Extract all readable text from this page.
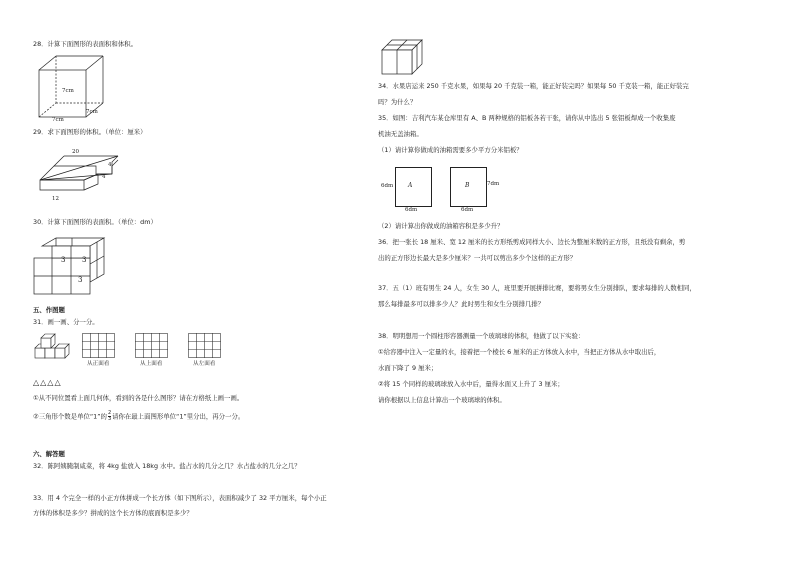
28．计算下面图形的表面积和体积。
7cm
7cm
7cm
29．求下面图形的体积。（单位：厘米）
20
4
4
12
30．计算下面图形的表面积。（单位：dm）
3 3
3
五、作图题
31．画一画、分一分。
从正面看	从上面看	从左面看
△△△△
①从不同位置看上面几何体，看到的各是什么图形？请在方格纸上画一画。
②三角形个数是单位“1”的 $\frac{2}{3}$ 请你在最上面图形单位“1”里分出，再分一分。
六、解答题
32．陈阿姨腌制咸菜，将 4kg 盐放入 18kg 水中。盐占水的几分之几？水占盐水的几分之几？
33．用 4 个完全一样的小正方体拼成一个长方体（如下图所示），表面积减少了 32 平方厘米，每个小正
方体的体积是多少？拼成的这个长方体的底面积是多少？
34．水果店运来 250 千克水果，如果每 20 千克装一箱，能正好装完吗？如果每 50 千克装一箱，能正好装完
吗？为什么？
35．如图：吉利汽车某仓库里有 A、B 两种规格的铝板各若干张，请你从中选出 5 张铝板焊成一个收集废
机油无盖油箱。
（1）请计算你做成的油箱需要多少平方分米铝板？
A
6dm
6dm
B	7dm
6dm
（2）请计算出你做成的油箱容积是多少升？
36．把一张长 18 厘米、宽 12 厘米的长方形纸剪成同样大小、边长为整厘米数的正方形，且纸没有剩余，剪
出的正方形边长最大是多少厘米？一共可以剪出多少个这样的正方形？
37．五（1）班有男生 24 人，女生 30 人，班里要开展拼排比赛，要将男女生分别排队，要求每排的人数相同，
那么每排最多可以排多少人？此时男生和女生分别排几排？
38．明明想用一个圆柱形容器测量一个玻璃球的体积，他做了以下实验：
①给容器中注入一定量的水，接着把一个棱长 6 厘米的正方体放入水中，当把正方体从水中取出后，
水面下降了 9 厘米；
②将 15 个同样的玻璃球放入水中后，量得水面又上升了 3 厘米；
请你根据以上信息计算出一个玻璃球的体积。
